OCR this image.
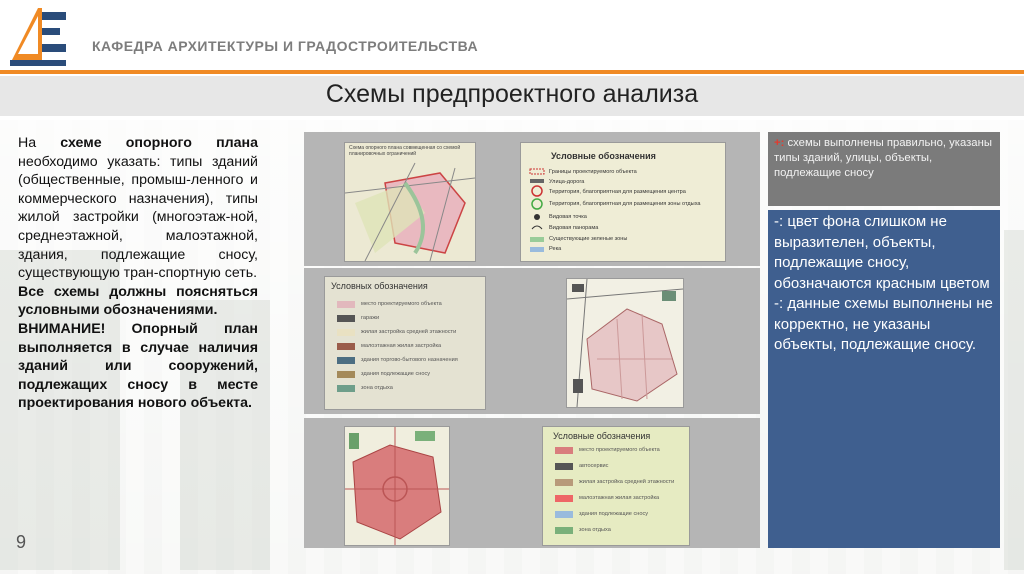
КАФЕДРА АРХИТЕКТУРЫ И ГРАДОСТРОИТЕЛЬСТВА
Схемы предпроектного анализа
На схеме опорного плана необходимо указать: типы зданий (общественные, промыш-ленного и коммерческого назначения), типы жилой застройки (многоэтаж-ной, среднеэтажной, малоэтажной, здания, подлежащие сносу, существующую тран-спортную сеть.
Все схемы должны поясняться условными обозначениями.
ВНИМАНИЕ! Опорный план выполняется в случае наличия зданий или сооружений, подлежащих сносу в месте проектирования нового объекта.
9
Схема опорного плана совмещенная со схемой планировочных ограничений	Условные обозначения
Границы проектируемого объекта
Улица-дорога
Территория, благоприятная для размещения центра
Территория, благоприятная для размещения зоны отдыха
Видовая точка
Видовая панорама
Существующие зеленые зоны
Река
Условных обозначения
место проектируемого объекта
гаражи
жилая застройка средней этажности
малоэтажная жилая застройка
здания торгово-бытового назначения
здания подлежащие сносу
зона отдыха
Условные обозначения
место проектируемого объекта
автосервис
жилая застройка средней этажности
малоэтажная жилая застройка
здания подлежащие сносу
зона отдыха
+: схемы выполнены правильно, указаны типы зданий, улицы, объекты, подлежащие сносу
-: цвет фона слишком не выразителен, объекты, подлежащие сносу, обозначаются красным цветом
-: данные схемы выполнены не корректно, не указаны объекты, подлежащие сносу.
